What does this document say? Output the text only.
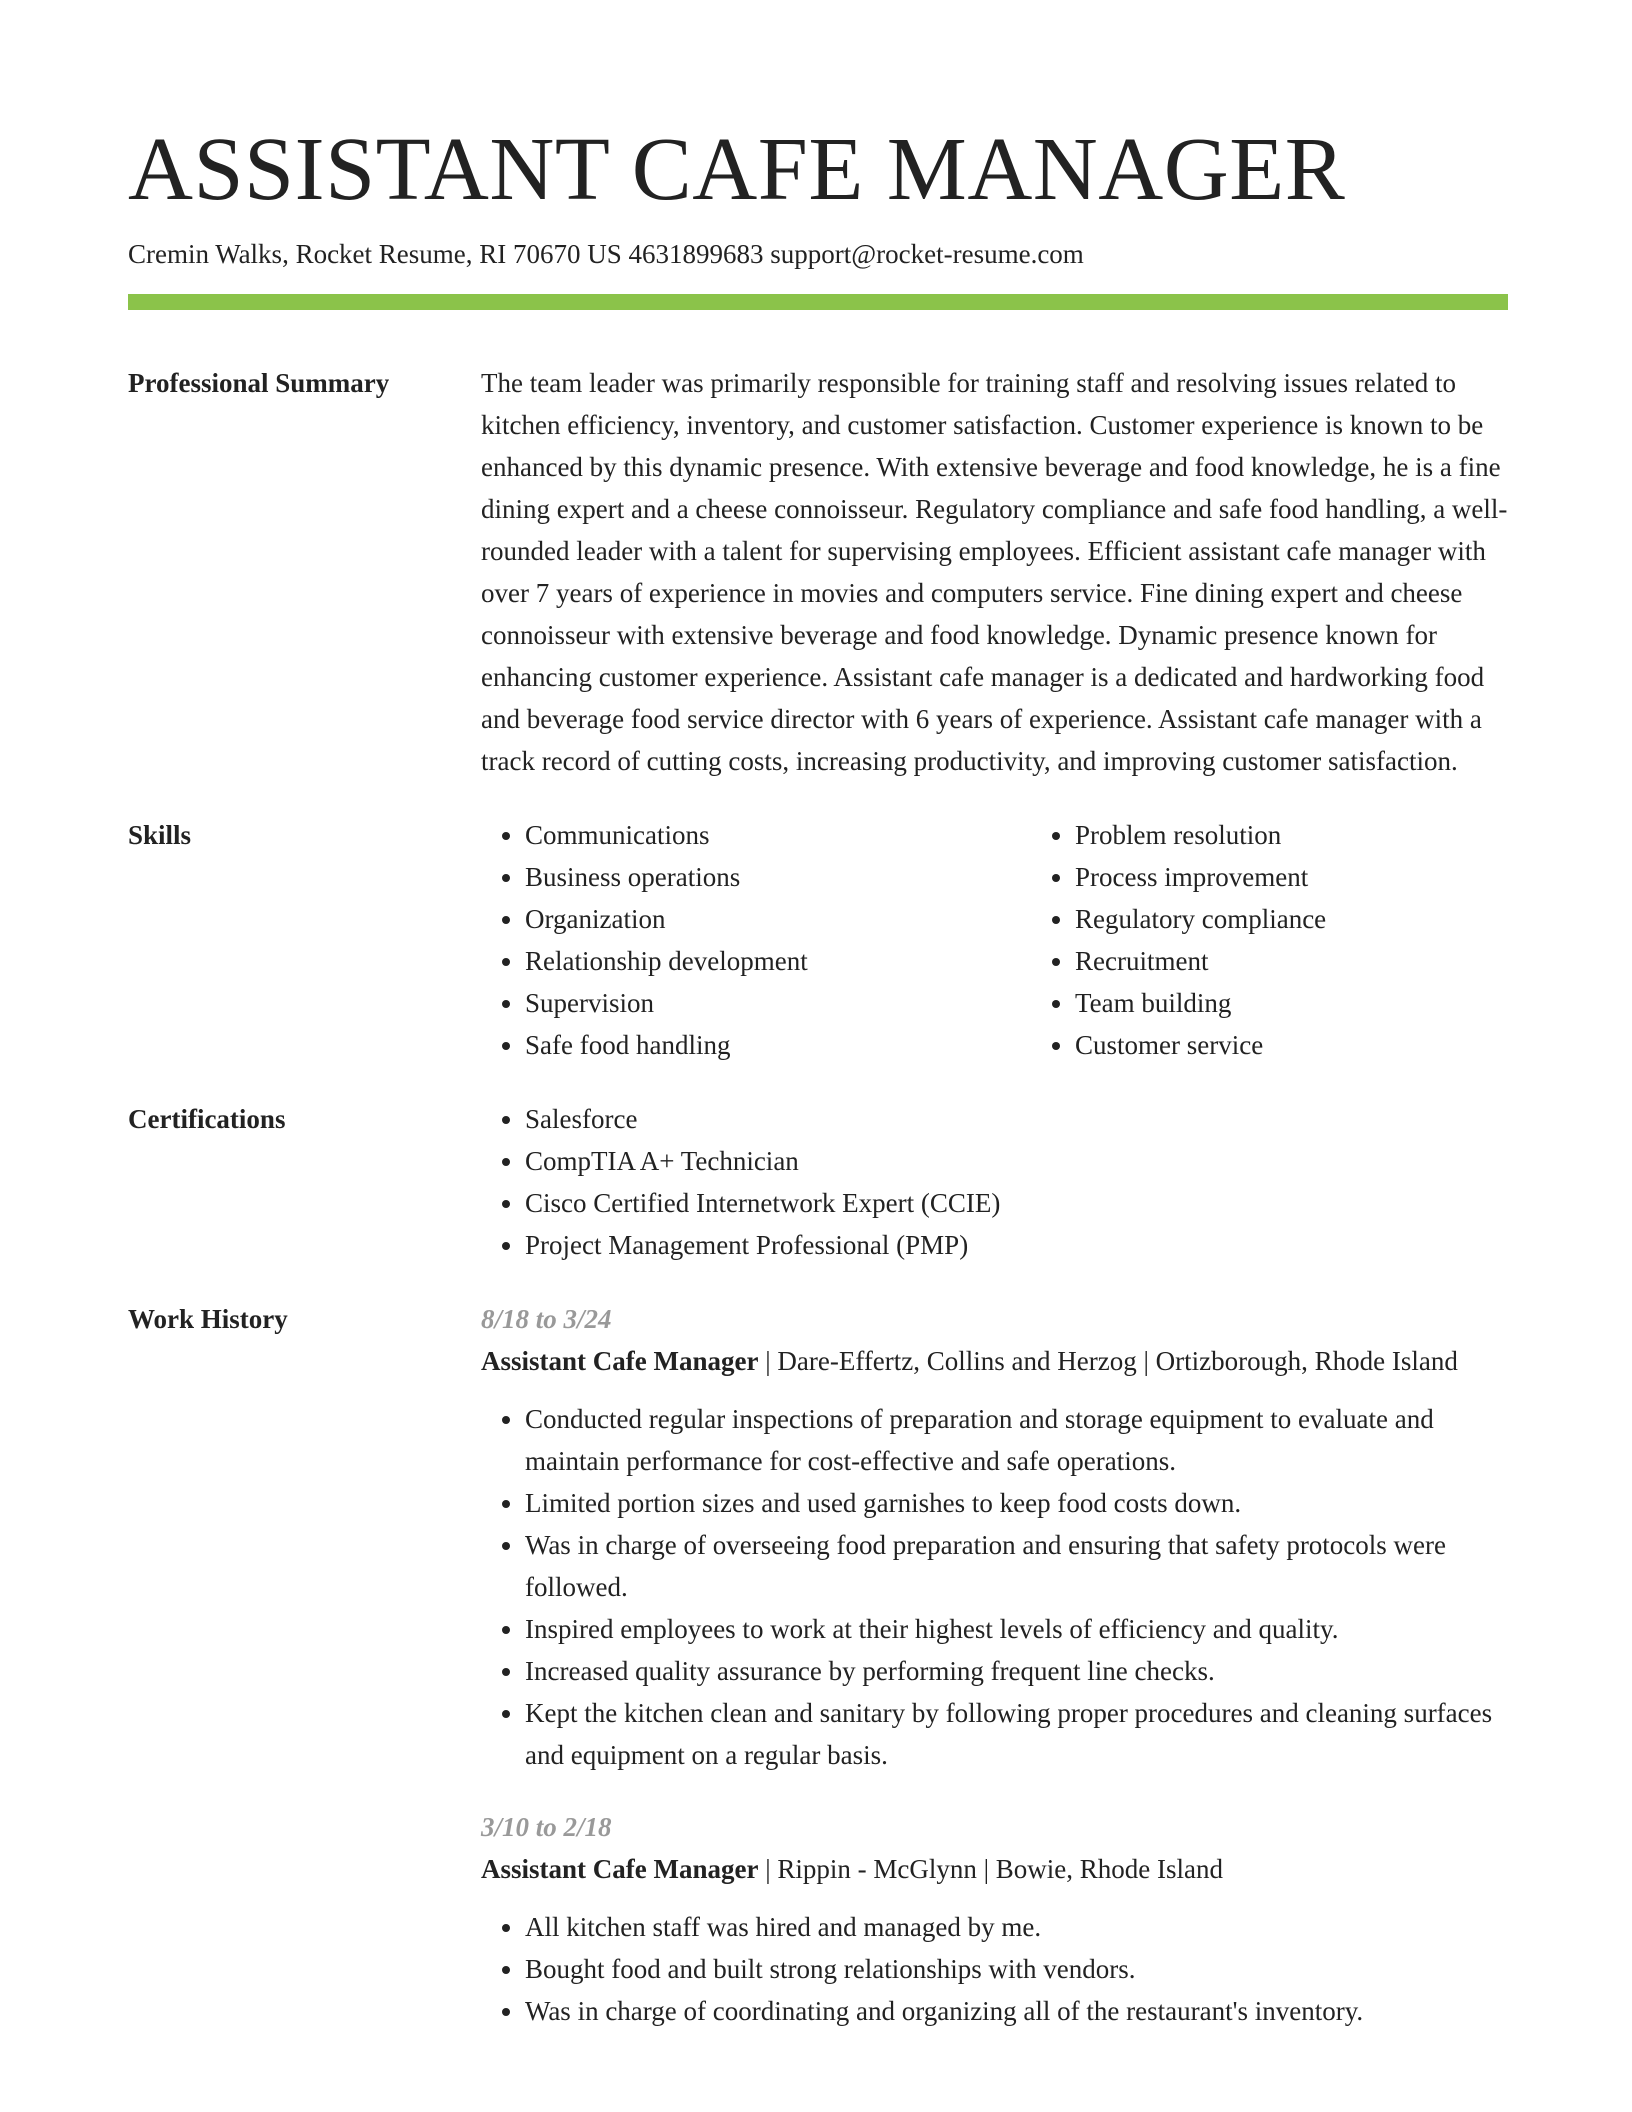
ASSISTANT CAFE MANAGER
Cremin Walks, Rocket Resume, RI 70670 US 4631899683 support@rocket-resume.com
Professional Summary	The team leader was primarily responsible for training staff and resolving issues related to kitchen efficiency, inventory, and customer satisfaction. Customer experience is known to be enhanced by this dynamic presence. With extensive beverage and food knowledge, he is a fine dining expert and a cheese connoisseur. Regulatory compliance and safe food handling, a well-rounded leader with a talent for supervising employees. Efficient assistant cafe manager with over 7 years of experience in movies and computers service. Fine dining expert and cheese connoisseur with extensive beverage and food knowledge. Dynamic presence known for enhancing customer experience. Assistant cafe manager is a dedicated and hardworking food and beverage food service director with 6 years of experience. Assistant cafe manager with a track record of cutting costs, increasing productivity, and improving customer satisfaction.

Skills	• Communications
• Business operations
• Organization
• Relationship development
• Supervision
• Safe food handling
• Problem resolution
• Process improvement
• Regulatory compliance
• Recruitment
• Team building
• Customer service
Certifications	• Salesforce
• CompTIA A+ Technician
• Cisco Certified Internetwork Expert (CCIE)
• Project Management Professional (PMP)
Work History	8/18 to 3/24
Assistant Cafe Manager | Dare-Effertz, Collins and Herzog | Ortizborough, Rhode Island
• Conducted regular inspections of preparation and storage equipment to evaluate and maintain performance for cost-effective and safe operations.
• Limited portion sizes and used garnishes to keep food costs down.
• Was in charge of overseeing food preparation and ensuring that safety protocols were followed.
• Inspired employees to work at their highest levels of efficiency and quality.
• Increased quality assurance by performing frequent line checks.
• Kept the kitchen clean and sanitary by following proper procedures and cleaning surfaces and equipment on a regular basis.
3/10 to 2/18
Assistant Cafe Manager | Rippin - McGlynn | Bowie, Rhode Island
• All kitchen staff was hired and managed by me.
• Bought food and built strong relationships with vendors.
• Was in charge of coordinating and organizing all of the restaurant's inventory.
